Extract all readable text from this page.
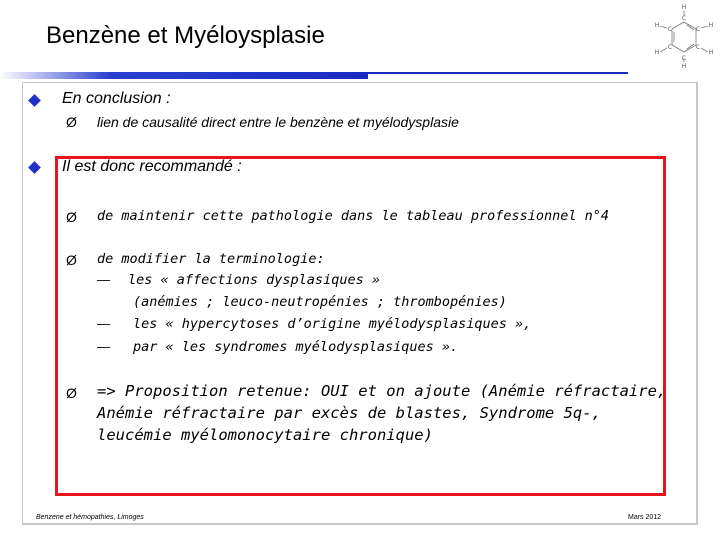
Benzène et Myéloysplasie
H
H	H
H	H
H
C
C	C
C	C
C
En conclusion :
Ø lien de causalité direct entre le benzène et myélodysplasie
Il est donc recommandé :
Ø de maintenir cette pathologie dans le tableau professionnel n°4
Ø de modifier la terminologie:
— les « affections dysplasiques »
(anémies ; leuco-neutropénies ; thrombopénies)
— les « hypercytoses d’origine myélodysplasiques »,
— par « les syndromes myélodysplasiques ».
Ø => Proposition retenue: OUI et on ajoute (Anémie réfractaire,
Anémie réfractaire par excès de blastes, Syndrome 5q-,
leucémie myélomonocytaire chronique)
Benzene et hémopathies, Limoges	Mars 2012
